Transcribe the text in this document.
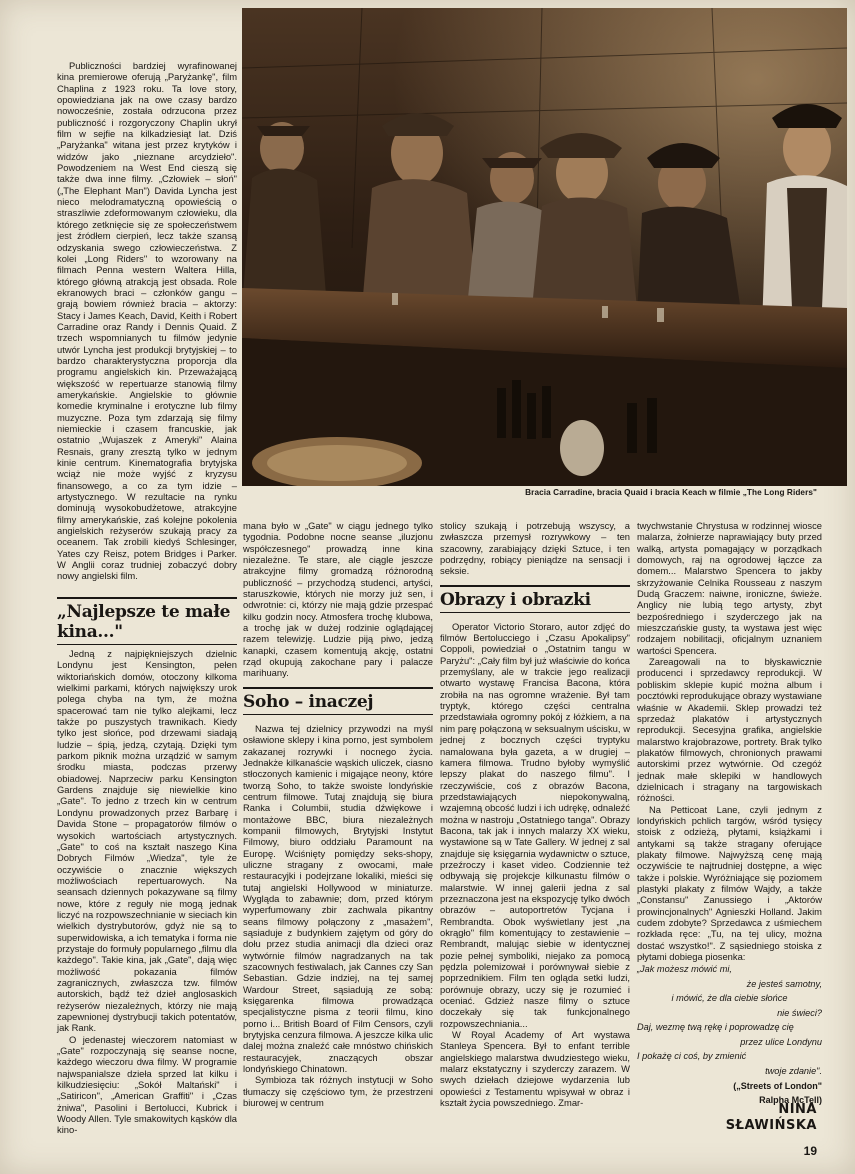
Bracia Carradine, bracia Quaid i bracia Keach w filmie „The Long Riders"

Publiczności bardziej wyrafinowanej kina premierowe oferują „Paryżankę", film Chaplina z 1923 roku. Ta love story, opowiedziana jak na owe czasy bardzo nowocześnie, została odrzucona przez publiczność i rozgoryczony Chaplin ukrył film w sejfie na kilkadziesiąt lat. Dziś „Paryżanka" witana jest przez krytyków i widzów jako „nieznane arcydzieło". Powodzeniem na West End cieszą się także dwa inne filmy. „Człowiek – słoń" („The Elephant Man") Davida Lyncha jest nieco melodramatyczną opowieścią o straszliwie zdeformowanym człowieku, dla którego zetknięcie się ze społeczeństwem jest źródłem cierpień, lecz także szansą odzyskania swego człowieczeństwa. Z kolei „Long Riders" to wzorowany na filmach Penna western Waltera Hilla, którego główną atrakcją jest obsada. Role ekranowych braci – członków gangu – grają bowiem również bracia – aktorzy: Stacy i James Keach, David, Keith i Robert Carradine oraz Randy i Dennis Quaid. Z trzech wspomnianych tu filmów jedynie utwór Lyncha jest produkcji brytyjskiej – to bardzo charakterystyczna proporcja dla programu angielskich kin. Przeważającą większość w repertuarze stanowią filmy amerykańskie. Angielskie to głównie komedie kryminalne i erotyczne lub filmy muzyczne. Poza tym zdarzają się filmy niemieckie i czasem francuskie, jak ostatnio „Wujaszek z Ameryki" Alaina Resnais, grany zresztą tylko w jednym kinie centrum. Kinematografia brytyjska wciąż nie może wyjść z kryzysu finansowego, a co za tym idzie – artystycznego. W rezultacie na rynku dominują wysokobudżetowe, atrakcyjne filmy amerykańskie, zaś kolejne pokolenia angielskich reżyserów szukają pracy za oceanem. Tak zrobili kiedyś Schlesinger, Yates czy Reisz, potem Bridges i Parker. W Anglii coraz trudniej zobaczyć dobry nowy angielski film.

„Najlepsze te małe kina..."

Jedną z najpiękniejszych dzielnic Londynu jest Kensington, pełen wiktoriańskich domów, otoczony kilkoma wielkimi parkami, których największy urok polega chyba na tym, że można spacerować tam nie tylko alejkami, lecz także po puszystych trawnikach. Kiedy tylko jest słońce, pod drzewami siadają ludzie – śpią, jedzą, czytają. Dzięki tym parkom piknik można urządzić w samym środku miasta, podczas przerwy obiadowej. Naprzeciw parku Kensington Gardens znajduje się niewielkie kino „Gate". To jedno z trzech kin w centrum Londynu prowadzonych przez Barbarę i Davida Stone – propagatorów filmów o wysokich wartościach artystycznych. „Gate" to coś na kształt naszego Kina Dobrych Filmów „Wiedza", tyle że oczywiście o znacznie większych możliwościach repertuarowych. Na seansach dziennych pokazywane są filmy nowe, które z reguły nie mogą jednak liczyć na rozpowszechnianie w sieciach kin wielkich dystrybutorów, gdyż nie są to superwidowiska, a ich tematyka i forma nie przystaje do formuły popularnego „filmu dla każdego". Takie kina, jak „Gate", dają więc możliwość pokazania filmów zagranicznych, zwłaszcza tzw. filmów autorskich, bądź też dzieł anglosaskich reżyserów niezależnych, którzy nie mają zapewnionej dystrybucji takich potentatów, jak Rank.

O jedenastej wieczorem natomiast w „Gate" rozpoczynają się seanse nocne, każdego wieczoru dwa filmy. W programie najwspanialsze dzieła sprzed lat kilku i kilkudziesięciu: „Sokół Maltański" i „Satiricon", „American Graffiti" i „Czas żniwa", Pasolini i Bertolucci, Kubrick i Woody Allen. Tyle smakowitych kąsków dla kino-

mana było w „Gate" w ciągu jednego tylko tygodnia. Podobne nocne seanse „iluzjonu współczesnego" prowadzą inne kina niezależne. Te stare, ale ciągle jeszcze atrakcyjne filmy gromadzą różnorodną publiczność – przychodzą studenci, artyści, staruszkowie, których nie morzy już sen, i odwrotnie: ci, którzy nie mają gdzie przespać kilku godzin nocy. Atmosfera trochę klubowa, a trochę jak w dużej rodzinie oglądającej razem telewizję. Ludzie piją piwo, jedzą kanapki, czasem komentują akcję, ostatni rząd okupują zakochane pary i palacze marihuany.

Soho – inaczej

Nazwa tej dzielnicy przywodzi na myśl osławione sklepy i kina porno, jest symbolem zakazanej rozrywki i nocnego życia. Jednakże kilkanaście wąskich uliczek, ciasno stłoczonych kamienic i migające neony, które tworzą Soho, to także swoiste londyńskie centrum filmowe. Tutaj znajdują się biura Ranka i Columbii, studia dźwiękowe i montażowe BBC, biura niezależnych kompanii filmowych, Brytyjski Instytut Filmowy, biuro oddziału Paramount na Europę. Wciśnięty pomiędzy seks-shopy, uliczne straganу z owocami, małe restauracyjki i podejrzane lokaliki, mieści się tutaj angielski Hollywood w miniaturze. Wygląda to zabawnie; dom, przed którym wyperfumowany zbir zachwala pikantny seans filmowy połączony z „masażem", sąsiaduje z budynkiem zajętym od góry do dołu przez studia animacji dla dzieci oraz wytwórnie filmów nagradzanych na tak szacownych festiwalach, jak Cannes czy San Sebastian. Gdzie indziej, na tej samej Wardour Street, sąsiadują ze sobą: księgarenka filmowa prowadząca specjalistyczne pisma z teorii filmu, kino porno i... British Board of Film Censors, czyli brytyjska cenzura filmowa. A jeszcze kilka ulic dalej można znaleźć całe mnóstwo chińskich restauracyjek, znaczących obszar londyńskiego Chinatown.

Symbioza tak różnych instytucji w Soho tłumaczy się częściowo tym, że przestrzeni biurowej w centrum

stolicy szukają i potrzebują wszyscy, a zwłaszcza przemysł rozrywkowy – ten szacowny, zarabiający dzięki Sztuce, i ten podrzędny, robiący pieniądze na sensacji i seksie.

Obrazy i obrazki

Operator Victorio Storaro, autor zdjęć do filmów Bertolucciego i „Czasu Apokalipsy" Coppoli, powiedział o „Ostatnim tangu w Paryżu": „Cały film był już właściwie do końca przemyślany, ale w trakcie jego realizacji otwarto wystawę Francisa Bacona, która zrobiła na nas ogromne wrażenie. Był tam tryptyk, którego części centralna przedstawiała ogromny pokój z łóżkiem, a na nim parę połączoną w seksualnym uścisku, w jednej z bocznych części tryptyku namalowana była gazeta, a w drugiej – kamera filmowa. Trudno byłoby wymyślić lepszy plakat do naszego filmu". I rzeczywiście, coś z obrazów Bacona, przedstawiających niepokonywalną, wzajemną obcość ludzi i ich udrękę, odnaleźć można w nastroju „Ostatniego tanga". Obrazy Bacona, tak jak i innych malarzy XX wieku, wystawione są w Tate Gallery. W jednej z sal znajduje się księgarnia wydawnictw o sztuce, przeźroczy i kaset video. Codziennie też odbywają się projekcje kilkunastu filmów o malarstwie. W innej galerii jedna z sal przeznaczona jest na ekspozycję tylko dwóch obrazów – autoportretów Tycjana i Rembrandta. Obok wyświetlany jest „na okrągło" film komentujący to zestawienie – Rembrandt, malując siebie w identycznej pozie pełnej symboliki, niejako za pomocą pędzla polemizował i porównywał siebie z poprzednikiem. Film ten ogląda setki ludzi, porównuje obrazy, uczy się je rozumieć i oceniać. Gdzież nasze filmy o sztuce doczekały się tak funkcjonalnego rozpowszechniania...

W Royal Academy of Art wystawa Stanleya Spencera. Był to enfant terrible angielskiego malarstwa dwudziestego wieku, malarz ekstatyczny i szyderczy zarazem. W swych dziełach dziejowe wydarzenia lub opowieści z Testamentu wpisywał w obraz i kształt życia powszedniego. Zmar-

twychwstanie Chrystusa w rodzinnej wiosce malarza, żołnierze naprawiający buty przed walką, artysta pomagający w porządkach domowych, raj na ogrodowej łączce za domem... Malarstwo Spencera to jakby skrzyżowanie Celnika Rousseau z naszym Dudą Graczem: naiwne, ironiczne, świeże. Anglicy nie lubią tego artysty, zbyt bezpośredniego i szyderczego jak na mieszczańskie gusty, ta wystawa jest więc rodzajem nobilitacji, oficjalnym uznaniem wartości Spencera.

Zareagowali na to błyskawicznie producenci i sprzedawcy reprodukcji. W pobliskim sklepie kupić można album i pocztówki reprodukujące obrazy wystawiane właśnie w Akademii. Sklep prowadzi też sprzedaż plakatów i artystycznych reprodukcji. Secesyjna grafika, angielskie malarstwo krajobrazowe, portrety. Brak tylko plakatów filmowych, chronionych prawami autorskimi przez wytwórnie. Od czegóż jednak małe sklepiki w handlowych dzielnicach i stragany na targowiskach różności.

Na Petticoat Lane, czyli jednym z londyńskich pchlich targów, wśród tysięcy stoisk z odzieżą, płytami, książkami i antykami są także stragany oferujące plakaty filmowe. Najwyższą cenę mają oczywiście te najtrudniej dostępne, a więc także i polskie. Wyróżniające się poziomem plastyki plakaty z filmów Wajdy, a także „Constansu" Zanussiego i „Aktorów prowincjonalnych" Agnieszki Holland. Jakim cudem zdobyte? Sprzedawca z uśmiechem rozkłada ręce: „Tu, na tej ulicy, można dostać wszystko!". Z sąsiedniego stoiska z płytami dobiega piosenka:

„Jak możesz mówić mi,
że jesteś samotny,
i mówić, że dla ciebie słońce
nie świeci?
Daj, wezmę twą rękę i poprowadzę cię
przez ulice Londynu
I pokażę ci coś, by zmienić
twoje zdanie".
(„Streets of London"
Ralpha McTell)
NINA
SŁAWIŃSKA
19
